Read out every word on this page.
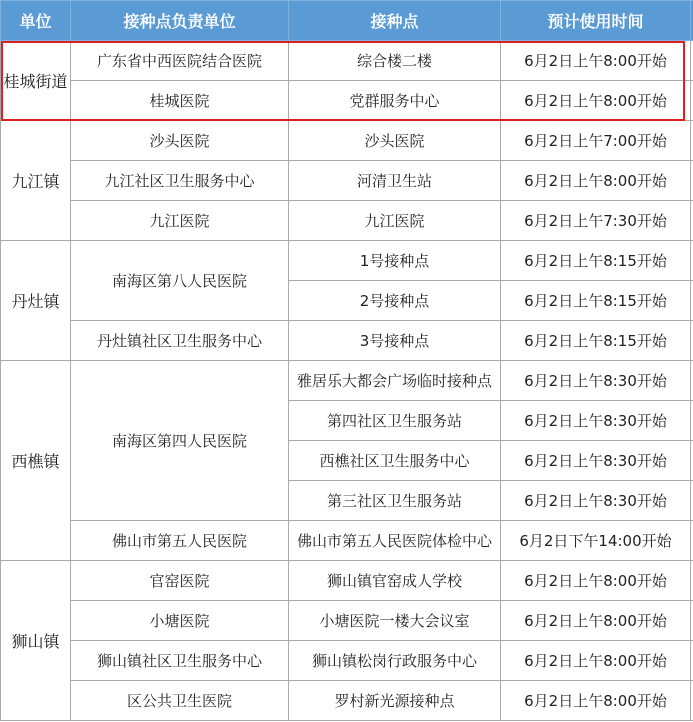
单位	接种点负责单位	接种点	预计使用时间	
桂城街道	广东省中西医院结合医院	综合楼二楼	6月2日上午8:00开始	
	桂城医院	党群服务中心	6月2日上午8:00开始	
九江镇	沙头医院	沙头医院	6月2日上午7:00开始	
	九江社区卫生服务中心	河清卫生站	6月2日上午8:00开始	
	九江医院	九江医院	6月2日上午7:30开始	
丹灶镇	南海区第八人民医院	1号接种点	6月2日上午8:15开始	
		2号接种点	6月2日上午8:15开始	
	丹灶镇社区卫生服务中心	3号接种点	6月2日上午8:15开始	
西樵镇	南海区第四人民医院	雅居乐大都会广场临时接种点	6月2日上午8:30开始	
		第四社区卫生服务站	6月2日上午8:30开始	
		西樵社区卫生服务中心	6月2日上午8:30开始	
		第三社区卫生服务站	6月2日上午8:30开始	
	佛山市第五人民医院	佛山市第五人民医院体检中心	6月2日下午14:00开始	
狮山镇	官窑医院	狮山镇官窑成人学校	6月2日上午8:00开始	
	小塘医院	小塘医院一楼大会议室	6月2日上午8:00开始	
	狮山镇社区卫生服务中心	狮山镇松岗行政服务中心	6月2日上午8:00开始	
	区公共卫生医院	罗村新光源接种点	6月2日上午8:00开始	
